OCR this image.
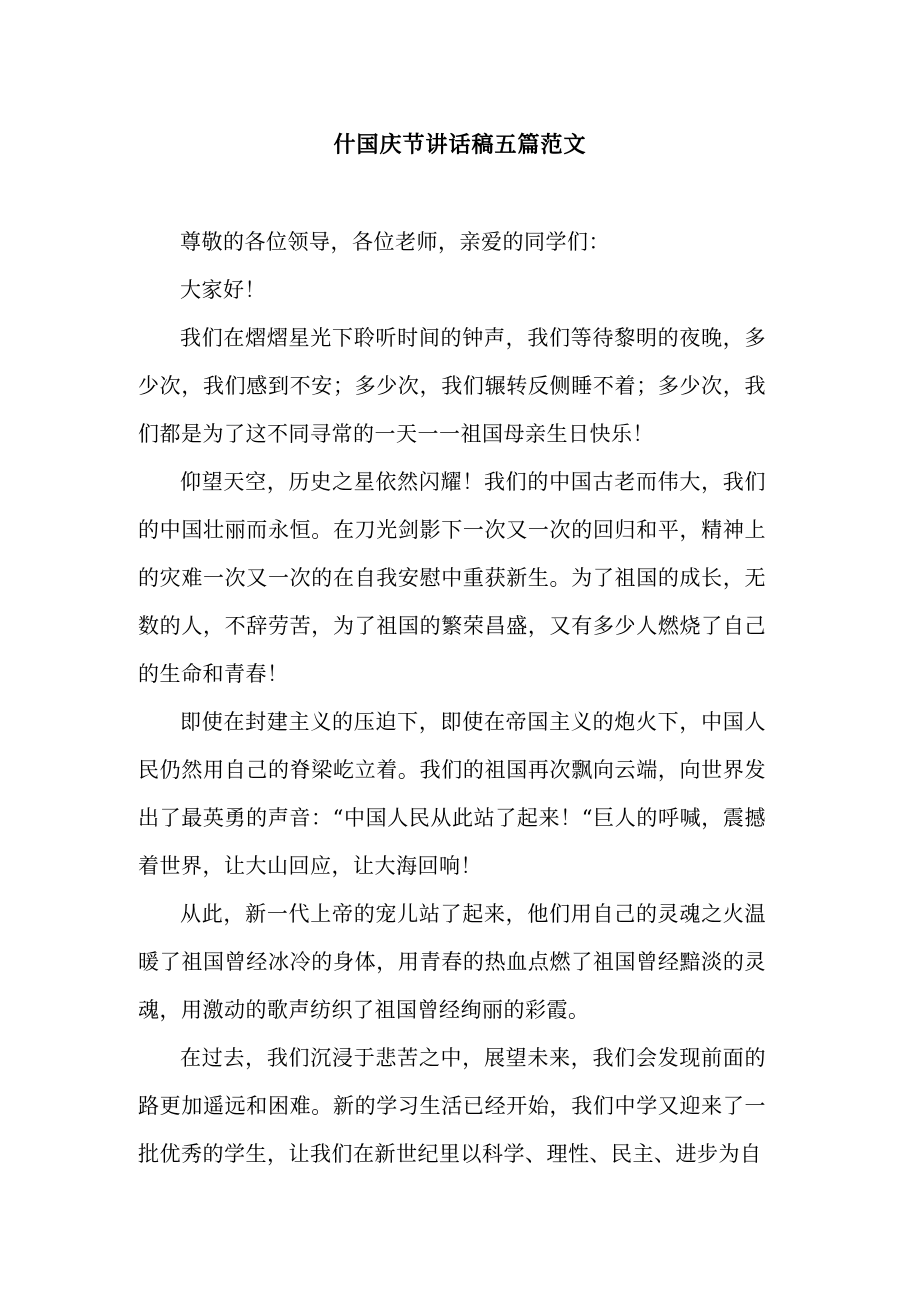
什国庆节讲话稿五篇范文

尊敬的各位领导，各位老师，亲爱的同学们：

大家好！

我们在熠熠星光下聆听时间的钟声，我们等待黎明的夜晚，多少次，我们感到不安；多少次，我们辗转反侧睡不着；多少次，我们都是为了这不同寻常的一天一一祖国母亲生日快乐！

仰望天空，历史之星依然闪耀！我们的中国古老而伟大，我们的中国壮丽而永恒。在刀光剑影下一次又一次的回归和平，精神上的灾难一次又一次的在自我安慰中重获新生。为了祖国的成长，无数的人，不辞劳苦，为了祖国的繁荣昌盛，又有多少人燃烧了自己的生命和青春！

即使在封建主义的压迫下，即使在帝国主义的炮火下，中国人民仍然用自己的脊梁屹立着。我们的祖国再次飘向云端，向世界发出了最英勇的声音：“中国人民从此站了起来！“巨人的呼喊，震撼着世界，让大山回应，让大海回响！

从此，新一代上帝的宠儿站了起来，他们用自己的灵魂之火温暖了祖国曾经冰冷的身体，用青春的热血点燃了祖国曾经黯淡的灵魂，用激动的歌声纺织了祖国曾经绚丽的彩霞。

在过去，我们沉浸于悲苦之中，展望未来，我们会发现前面的路更加遥远和困难。新的学习生活已经开始，我们中学又迎来了一批优秀的学生，让我们在新世纪里以科学、理性、民主、进步为自
